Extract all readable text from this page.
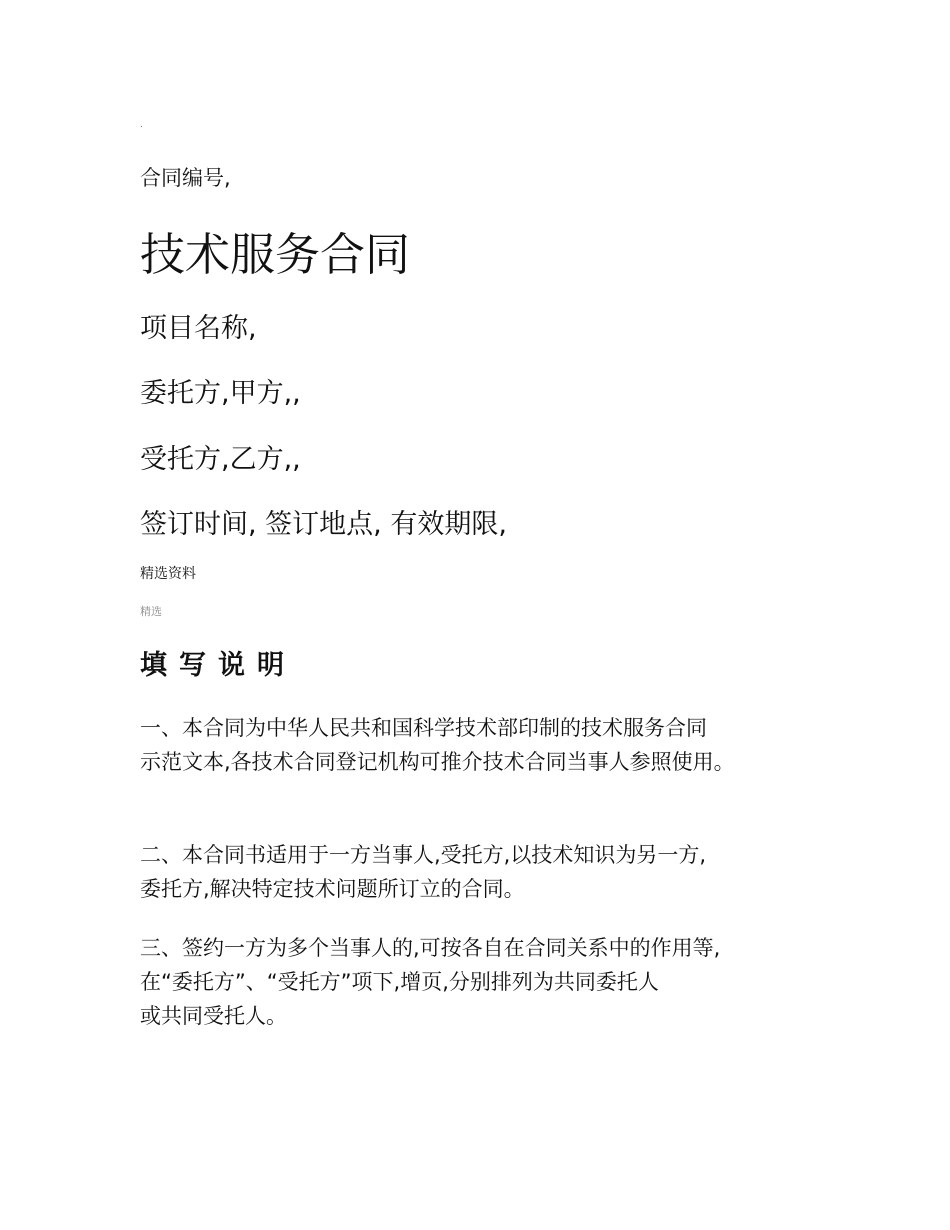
.
合同编号,
技术服务合同
项目名称,
委托方,甲方,,
受托方,乙方,,
签订时间, 签订地点, 有效期限,
精选资料
精选
填写说明

一、本合同为中华人民共和国科学技术部印制的技术服务合同
示范文本,各技术合同登记机构可推介技术合同当事人参照使用。

二、本合同书适用于一方当事人,受托方,以技术知识为另一方,
委托方,解决特定技术问题所订立的合同。

三、签约一方为多个当事人的,可按各自在合同关系中的作用等,
在“委托方”、“受托方”项下,增页,分别排列为共同委托人
或共同受托人。
